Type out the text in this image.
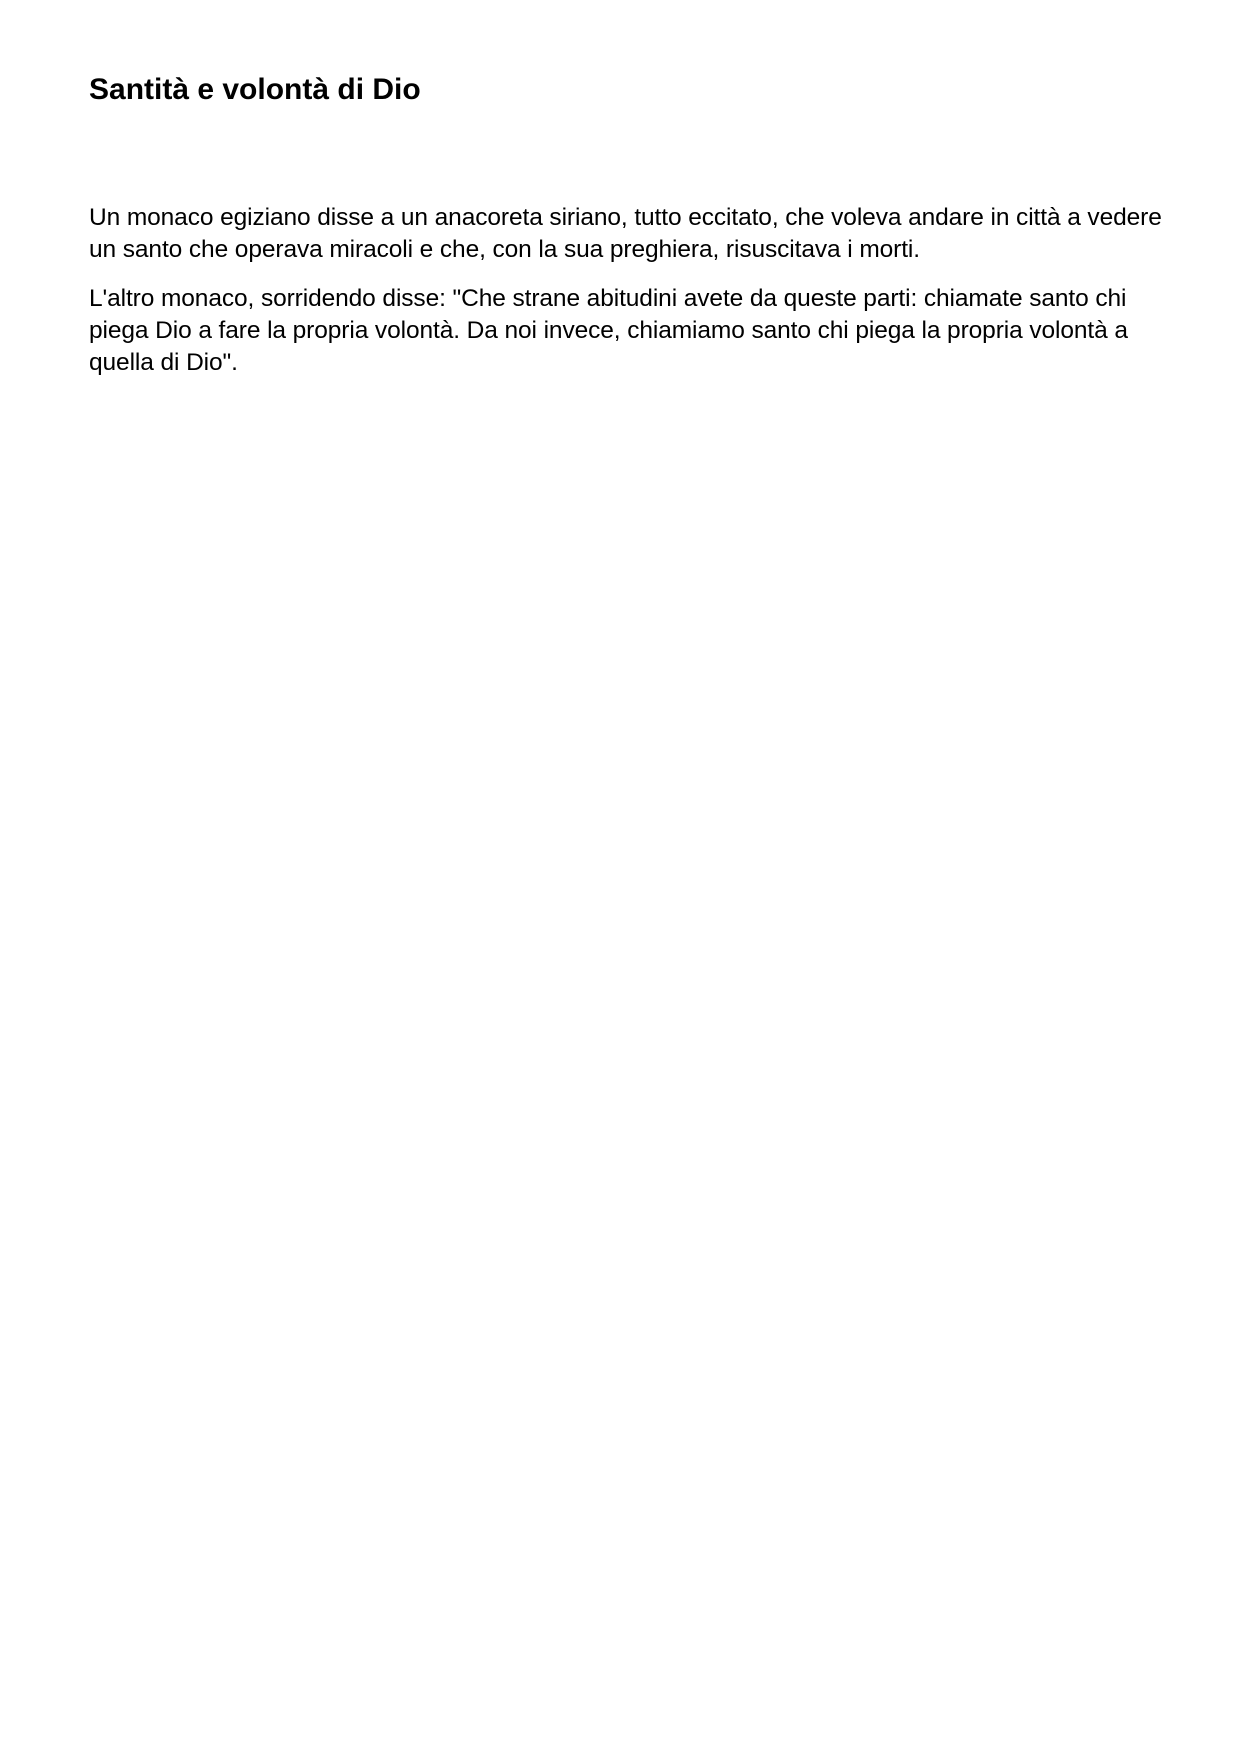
Santità e volontà di Dio

Un monaco egiziano disse a un anacoreta siriano, tutto eccitato, che voleva andare in città a vedere un santo che operava miracoli e che, con la sua preghiera, risuscitava i morti.

L'altro monaco, sorridendo disse: "Che strane abitudini avete da queste parti: chiamate santo chi piega Dio a fare la propria volontà. Da noi invece, chiamiamo santo chi piega la propria volontà a quella di Dio".
